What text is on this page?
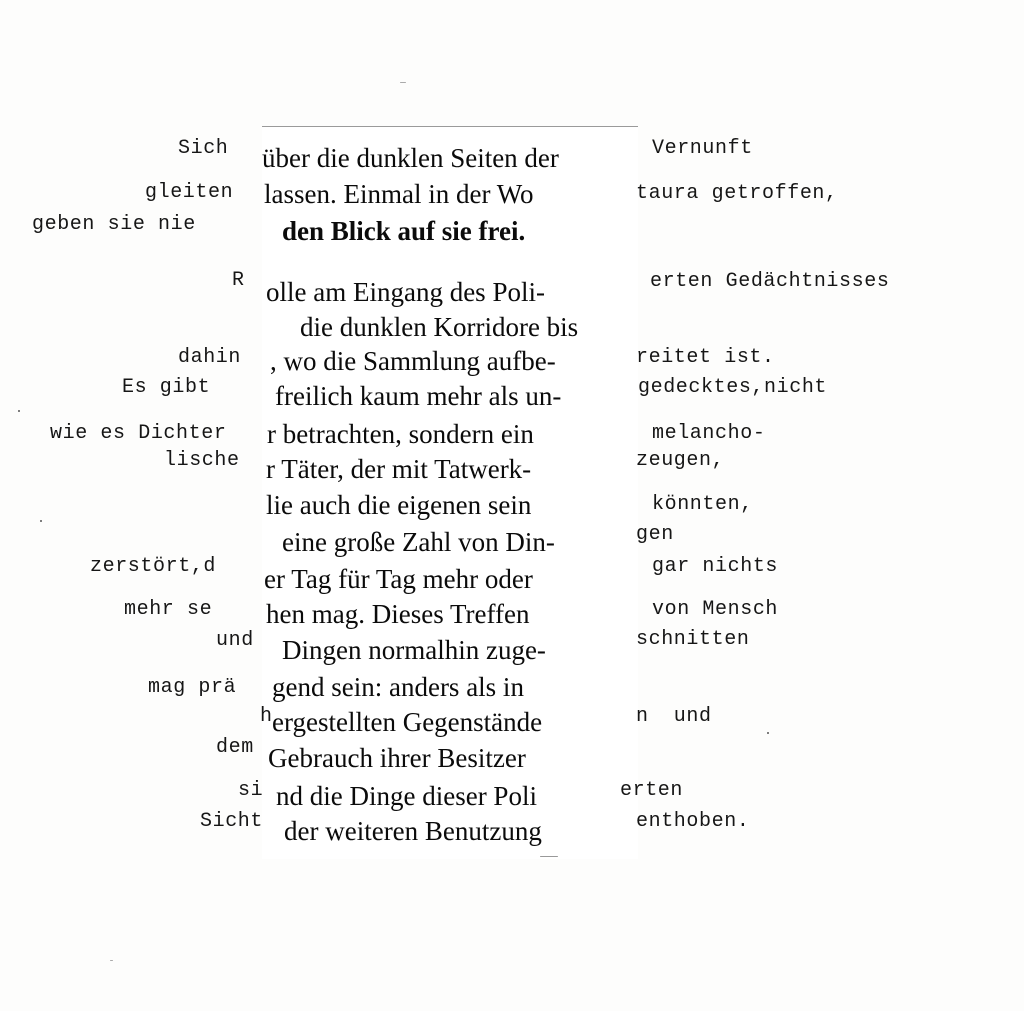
über die dunklen Seiten der
lassen. Einmal in der Wo
den Blick auf sie frei.
olle am Eingang des Poli-
die dunklen Korridore bis
, wo die Sammlung aufbe-
freilich kaum mehr als un-
r betrachten, sondern ein
r Täter, der mit Tatwerk-
lie auch die eigenen sein
eine große Zahl von Din-
er Tag für Tag mehr oder
hen mag. Dieses Treffen
Dingen normalhin zuge-
gend sein: anders als in
ergestellten Gegenstände
Gebrauch ihrer Besitzer
nd die Dinge dieser Poli
der weiteren Benutzung
Sich	Vernunft
gleiten	taura getroffen,
geben sie nie
R	erten Gedächtnisses
dahin	reitet ist.
Es gibt	gedecktes,nicht
wie es Dichter	melancho-
lische	zeugen,
könnten,
gen
zerstört,d	gar nichts
mehr se	von Mensch
und	schnitten
mag prä
h	n  und
dem
si	erten
Sicht	enthoben.
